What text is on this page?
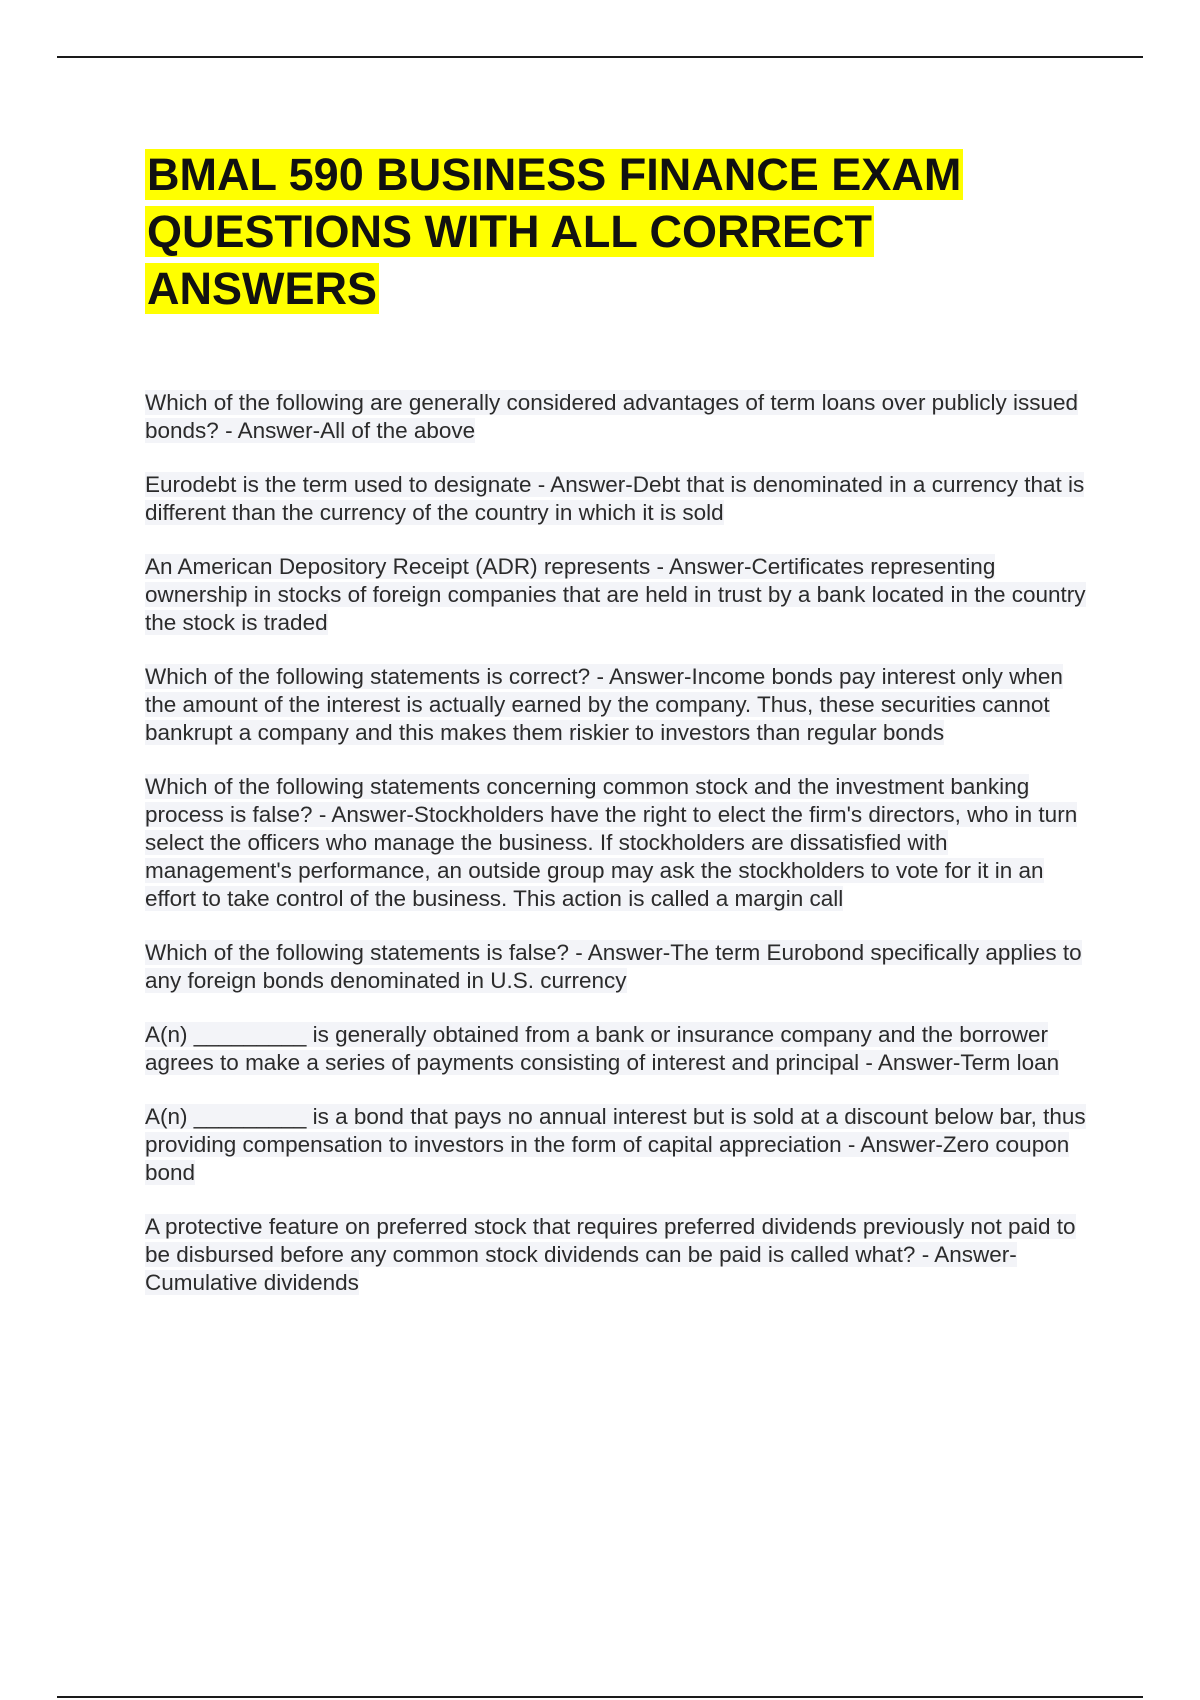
BMAL 590 BUSINESS FINANCE EXAM QUESTIONS WITH ALL CORRECT ANSWERS

Which of the following are generally considered advantages of term loans over publicly issued bonds? - Answer-All of the above

Eurodebt is the term used to designate - Answer-Debt that is denominated in a currency that is different than the currency of the country in which it is sold

An American Depository Receipt (ADR) represents - Answer-Certificates representing ownership in stocks of foreign companies that are held in trust by a bank located in the country the stock is traded

Which of the following statements is correct? - Answer-Income bonds pay interest only when the amount of the interest is actually earned by the company. Thus, these securities cannot bankrupt a company and this makes them riskier to investors than regular bonds

Which of the following statements concerning common stock and the investment banking process is false? - Answer-Stockholders have the right to elect the firm's directors, who in turn select the officers who manage the business. If stockholders are dissatisfied with management's performance, an outside group may ask the stockholders to vote for it in an effort to take control of the business. This action is called a margin call

Which of the following statements is false? - Answer-The term Eurobond specifically applies to any foreign bonds denominated in U.S. currency

A(n) _________ is generally obtained from a bank or insurance company and the borrower agrees to make a series of payments consisting of interest and principal - Answer-Term loan

A(n) _________ is a bond that pays no annual interest but is sold at a discount below bar, thus providing compensation to investors in the form of capital appreciation - Answer-Zero coupon bond

A protective feature on preferred stock that requires preferred dividends previously not paid to be disbursed before any common stock dividends can be paid is called what? - Answer-Cumulative dividends
